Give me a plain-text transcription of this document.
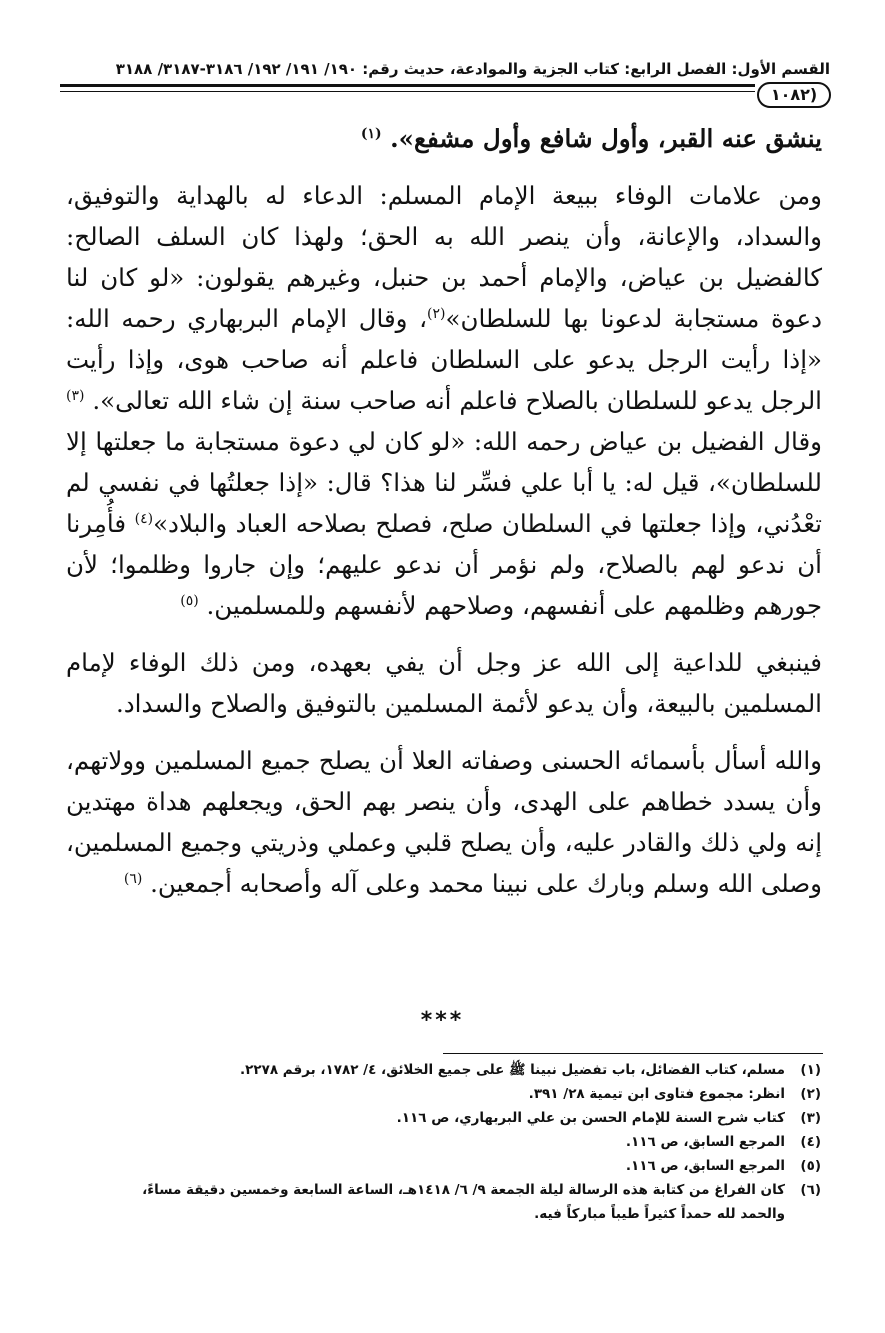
القسم الأول: الفصل الرابع: كتاب الجزية والموادعة، حديث رقم: ١٩٠/ ١٩١/ ١٩٢/ ٣١٨٦-٣١٨٧/ ٣١٨٨
(١٠٨٢

ينشق عنه القبر، وأول شافع وأول مشفع». $^{(١)}$

ومن علامات الوفاء ببيعة الإمام المسلم: الدعاء له بالهداية والتوفيق، والسداد، والإعانة، وأن ينصر الله به الحق؛ ولهذا كان السلف الصالح: كالفضيل بن عياض، والإمام أحمد بن حنبل، وغيرهم يقولون: «لو كان لنا دعوة مستجابة لدعونا بها للسلطان»$^{(٢)}$، وقال الإمام البربهاري رحمه الله: «إذا رأيت الرجل يدعو على السلطان فاعلم أنه صاحب هوى، وإذا رأيت الرجل يدعو للسلطان بالصلاح فاعلم أنه صاحب سنة إن شاء الله تعالى». $^{(٣)}$ وقال الفضيل بن عياض رحمه الله: «لو كان لي دعوة مستجابة ما جعلتها إلا للسلطان»، قيل له: يا أبا علي فسِّر لنا هذا؟ قال: «إذا جعلتُها في نفسي لم تعْدُني، وإذا جعلتها في السلطان صلح، فصلح بصلاحه العباد والبلاد»$^{(٤)}$ فأُمِرنا أن ندعو لهم بالصلاح، ولم نؤمر أن ندعو عليهم؛ وإن جاروا وظلموا؛ لأن جورهم وظلمهم على أنفسهم، وصلاحهم لأنفسهم وللمسلمين. $^{(٥)}$

فينبغي للداعية إلى الله عز وجل أن يفي بعهده، ومن ذلك الوفاء لإمام المسلمين بالبيعة، وأن يدعو لأئمة المسلمين بالتوفيق والصلاح والسداد.

والله أسأل بأسمائه الحسنى وصفاته العلا أن يصلح جميع المسلمين وولاتهم، وأن يسدد خطاهم على الهدى، وأن ينصر بهم الحق، ويجعلهم هداة مهتدين إنه ولي ذلك والقادر عليه، وأن يصلح قلبي وعملي وذريتي وجميع المسلمين، وصلى الله وسلم وبارك على نبينا محمد وعلى آله وأصحابه أجمعين. $^{(٦)}$

***
(١)
مسلم، كتاب الفضائل، باب تفضيل نبينا ﷺ على جميع الخلائق، ٤/ ١٧٨٢، برقم ٢٢٧٨.
(٢)
انظر: مجموع فتاوى ابن تيمية ٢٨/ ٣٩١.
(٣)
كتاب شرح السنة للإمام الحسن بن علي البربهاري، ص ١١٦.
(٤)
المرجع السابق، ص ١١٦.
(٥)
المرجع السابق، ص ١١٦.
(٦)
كان الفراغ من كتابة هذه الرسالة ليلة الجمعة ٩/ ٦/ ١٤١٨هـ، الساعة السابعة وخمسين دقيقة مساءً،
والحمد لله حمداً كثيراً طيباً مباركاً فيه.
